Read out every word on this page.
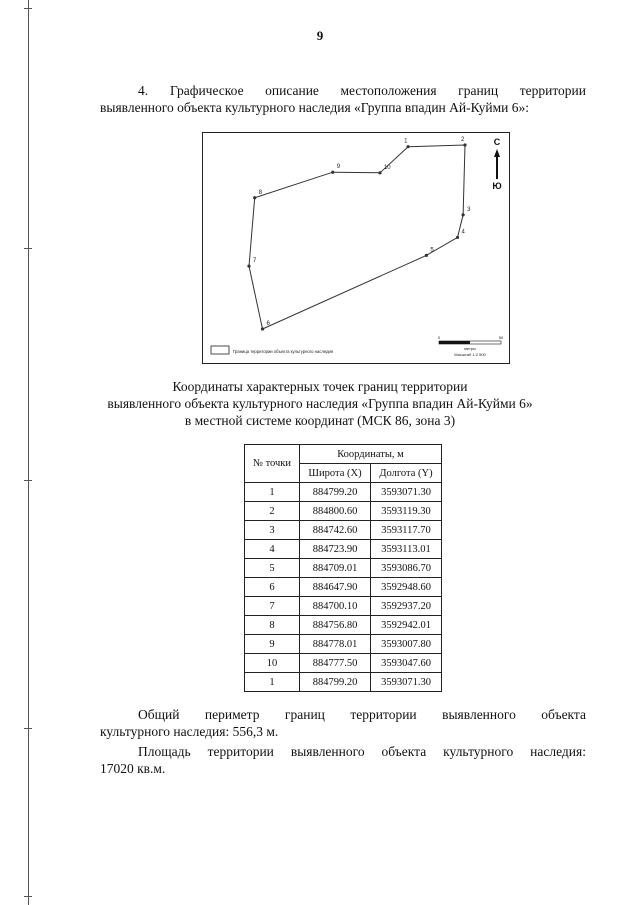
9
4. Графическое описание местоположения границ территории
выявленного объекта культурного наследия «Группа впадин Ай-Куйми 6»:
1	2
3
4
5
6
7
8
9	10
С
Ю
Граница территории объекта культурного наследия
0	50
метры
Масштаб 1:2 500
Координаты характерных точек границ территории
выявленного объекта культурного наследия «Группа впадин Ай-Куйми 6»
в местной системе координат (МСК 86, зона 3)
№ точки	Координаты, м	
	Широта (X)	Долгота (Y)
1	884799.20	3593071.30
2	884800.60	3593119.30
3	884742.60	3593117.70
4	884723.90	3593113.01
5	884709.01	3593086.70
6	884647.90	3592948.60
7	884700.10	3592937.20
8	884756.80	3592942.01
9	884778.01	3593007.80
10	884777.50	3593047.60
1	884799.20	3593071.30
Общий периметр границ территории выявленного объекта
культурного наследия: 556,3 м.
Площадь территории выявленного объекта культурного наследия:
17020 кв.м.
